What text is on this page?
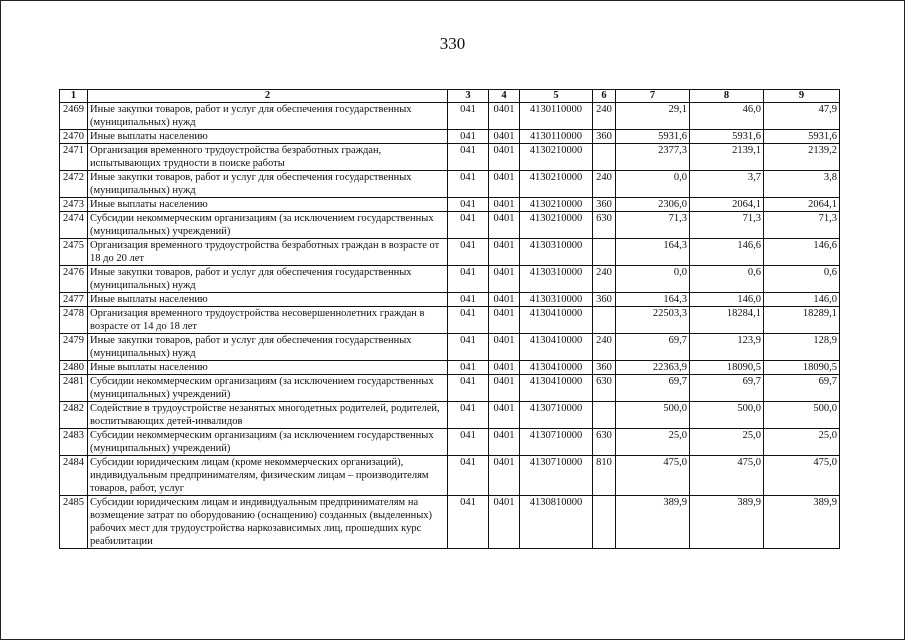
330
1	2	3	4	5	6	7	8	9
2469	Иные закупки товаров, работ и услуг для обеспечения государственных (муниципальных) нужд	041	0401	4130110000	240	29,1	46,0	47,9
2470	Иные выплаты населению	041	0401	4130110000	360	5931,6	5931,6	5931,6
2471	Организация временного трудоустройства безработных граждан, испытывающих трудности в поиске работы	041	0401	4130210000		2377,3	2139,1	2139,2
2472	Иные закупки товаров, работ и услуг для обеспечения государственных (муниципальных) нужд	041	0401	4130210000	240	0,0	3,7	3,8
2473	Иные выплаты населению	041	0401	4130210000	360	2306,0	2064,1	2064,1
2474	Субсидии некоммерческим организациям (за исключением государственных (муниципальных) учреждений)	041	0401	4130210000	630	71,3	71,3	71,3
2475	Организация временного трудоустройства безработных граждан в возрасте от 18 до 20 лет	041	0401	4130310000		164,3	146,6	146,6
2476	Иные закупки товаров, работ и услуг для обеспечения государственных (муниципальных) нужд	041	0401	4130310000	240	0,0	0,6	0,6
2477	Иные выплаты населению	041	0401	4130310000	360	164,3	146,0	146,0
2478	Организация временного трудоустройства несовершеннолетних граждан в возрасте от 14 до 18 лет	041	0401	4130410000		22503,3	18284,1	18289,1
2479	Иные закупки товаров, работ и услуг для обеспечения государственных (муниципальных) нужд	041	0401	4130410000	240	69,7	123,9	128,9
2480	Иные выплаты населению	041	0401	4130410000	360	22363,9	18090,5	18090,5
2481	Субсидии некоммерческим организациям (за исключением государственных (муниципальных) учреждений)	041	0401	4130410000	630	69,7	69,7	69,7
2482	Содействие в трудоустройстве незанятых многодетных родителей, родителей, воспитывающих детей-инвалидов	041	0401	4130710000		500,0	500,0	500,0
2483	Субсидии некоммерческим организациям (за исключением государственных (муниципальных) учреждений)	041	0401	4130710000	630	25,0	25,0	25,0
2484	Субсидии юридическим лицам (кроме некоммерческих организаций), индивидуальным предпринимателям, физическим лицам – производителям товаров, работ, услуг	041	0401	4130710000	810	475,0	475,0	475,0
2485	Субсидии юридическим лицам и индивидуальным предпринимателям на возмещение затрат по оборудованию (оснащению) созданных (выделенных) рабочих мест для трудоустройства наркозависимых лиц, прошедших курс реабилитации	041	0401	4130810000		389,9	389,9	389,9
